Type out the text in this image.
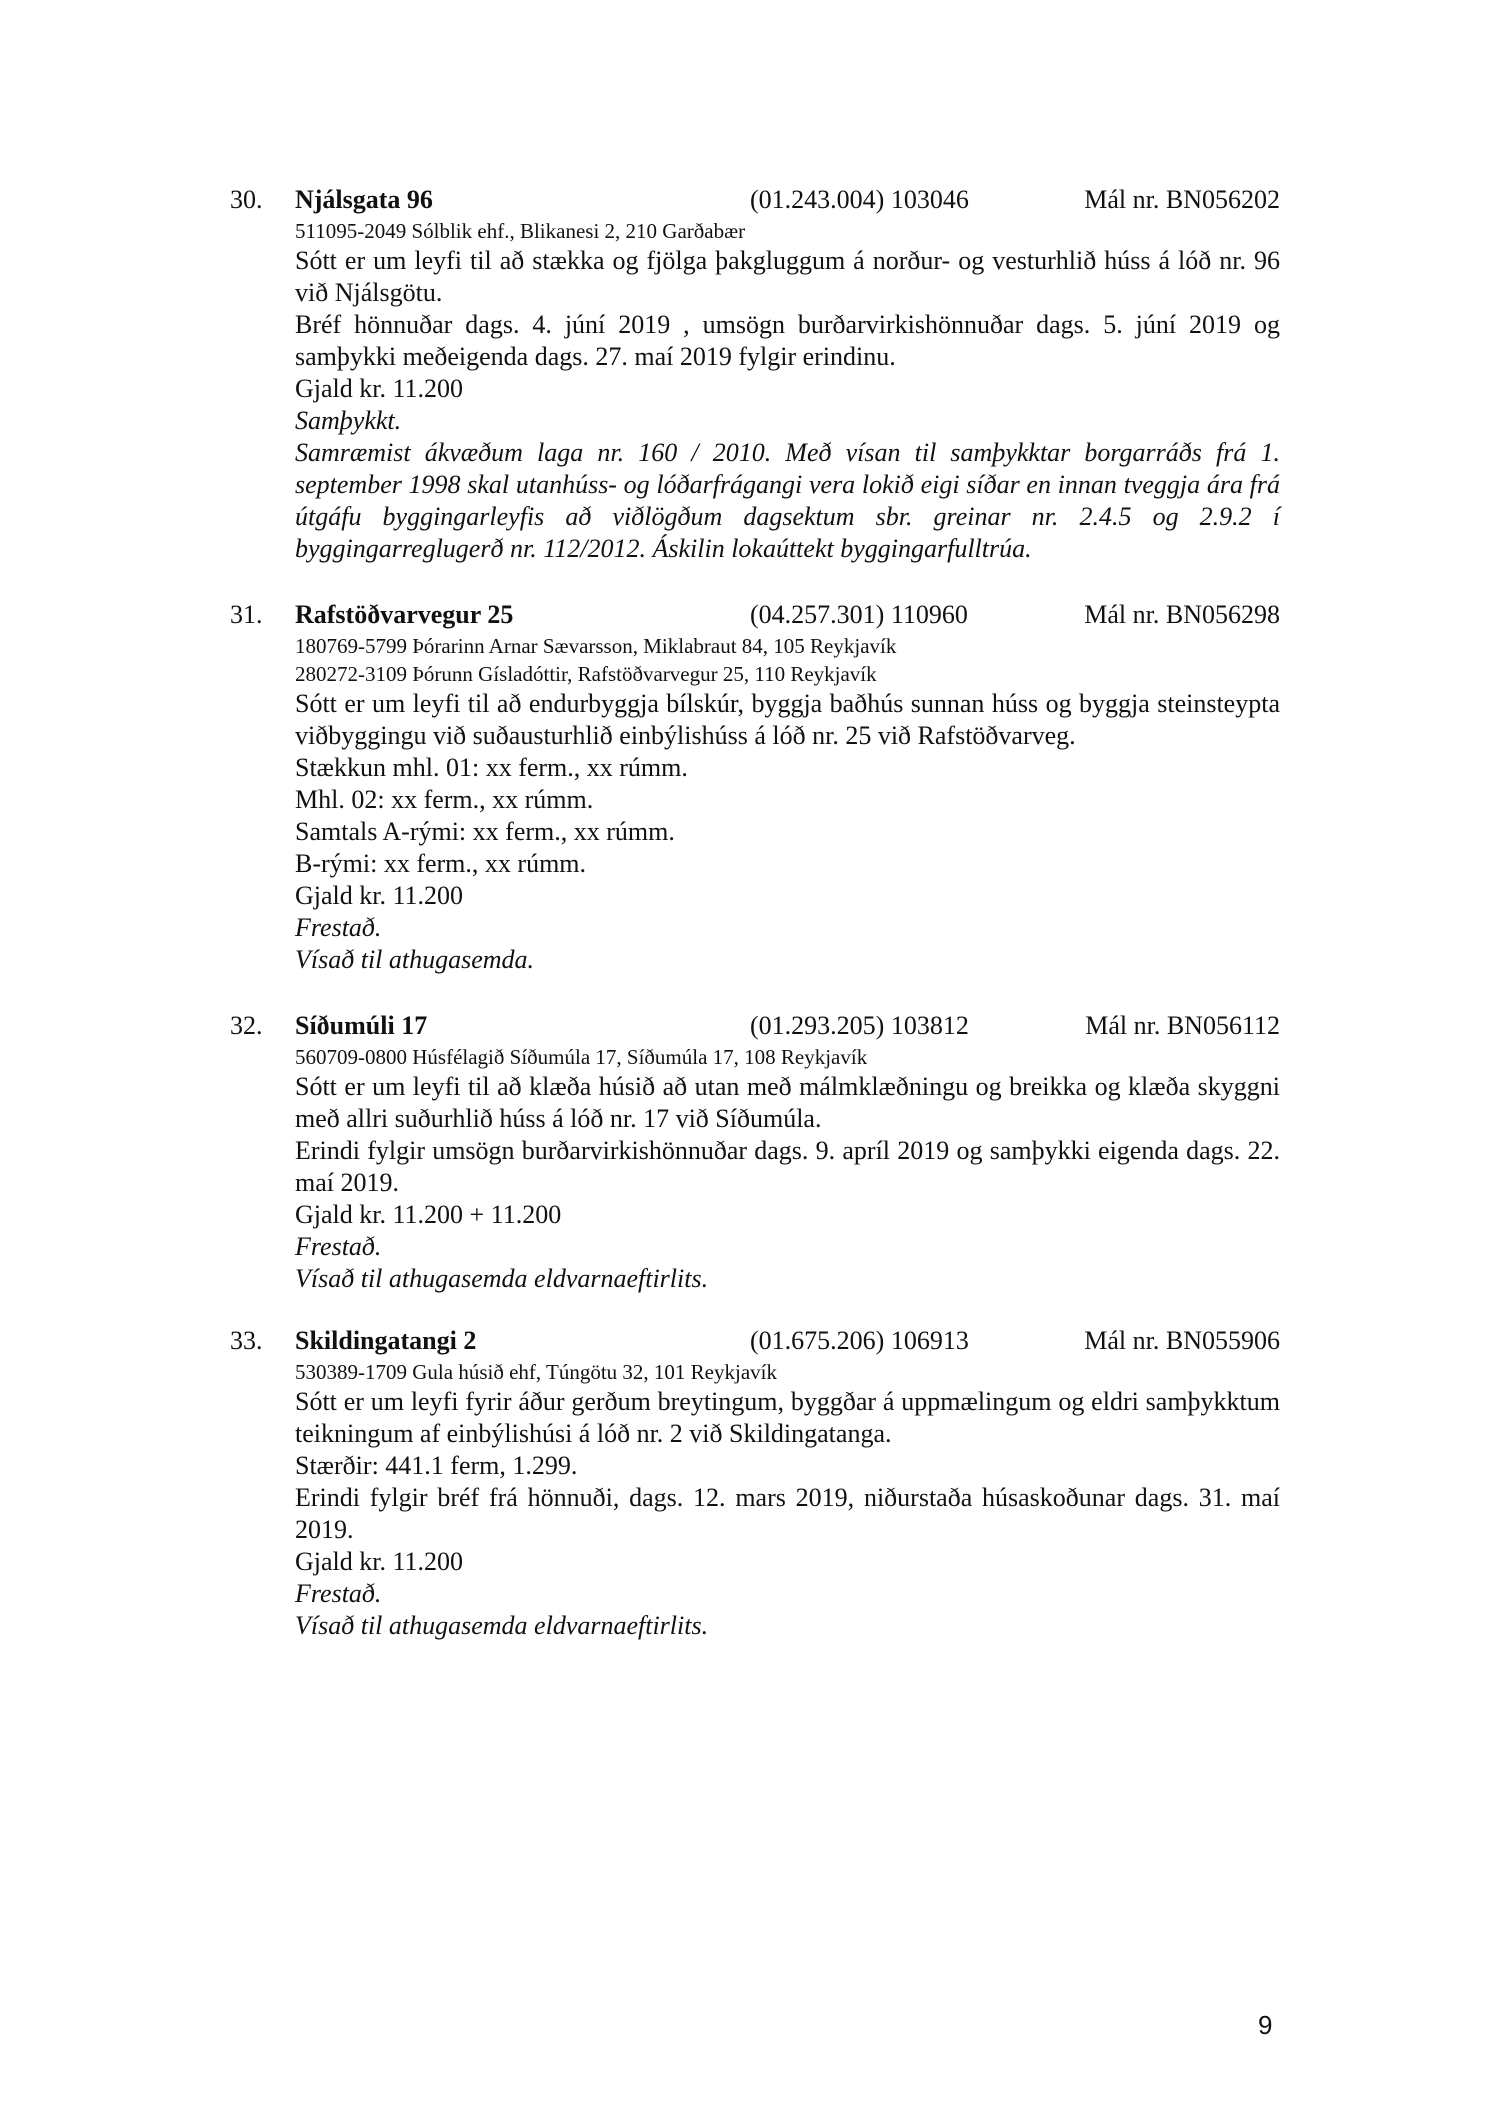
30. Njálsgata 96	(01.243.004) 103046	Mál nr. BN056202
511095-2049 Sólblik ehf., Blikanesi 2, 210 Garðabær
Sótt er um leyfi til að stækka og fjölga þakgluggum á norður- og vesturhlið húss á lóð nr. 96 við Njálsgötu.
Bréf hönnuðar dags. 4. júní 2019 , umsögn burðarvirkishönnuðar dags. 5. júní 2019 og samþykki meðeigenda dags. 27. maí 2019 fylgir erindinu.
Gjald kr. 11.200
Samþykkt.
Samræmist ákvæðum laga nr. 160 / 2010. Með vísan til samþykktar borgarráðs frá 1. september 1998 skal utanhúss- og lóðarfrágangi vera lokið eigi síðar en innan tveggja ára frá útgáfu byggingarleyfis að viðlögðum dagsektum sbr. greinar nr. 2.4.5 og 2.9.2 í byggingarreglugerð nr. 112/2012. Áskilin lokaúttekt byggingarfulltrúa.
31. Rafstöðvarvegur 25	(04.257.301) 110960	Mál nr. BN056298
180769-5799 Þórarinn Arnar Sævarsson, Miklabraut 84, 105 Reykjavík
280272-3109 Þórunn Gísladóttir, Rafstöðvarvegur 25, 110 Reykjavík
Sótt er um leyfi til að endurbyggja bílskúr, byggja baðhús sunnan húss og byggja steinsteypta viðbyggingu við suðausturhlið einbýlishúss á lóð nr. 25 við Rafstöðvarveg.
Stækkun mhl. 01: xx ferm., xx rúmm.
Mhl. 02: xx ferm., xx rúmm.
Samtals A-rými: xx ferm., xx rúmm.
B-rými: xx ferm., xx rúmm.
Gjald kr. 11.200
Frestað.
Vísað til athugasemda.
32. Síðumúli 17	(01.293.205) 103812	Mál nr. BN056112
560709-0800 Húsfélagið Síðumúla 17, Síðumúla 17, 108 Reykjavík
Sótt er um leyfi til að klæða húsið að utan með málmklæðningu og breikka og klæða skyggni með allri suðurhlið húss á lóð nr. 17 við Síðumúla.
Erindi fylgir umsögn burðarvirkishönnuðar dags. 9. apríl 2019 og samþykki eigenda dags. 22. maí 2019.
Gjald kr. 11.200 + 11.200
Frestað.
Vísað til athugasemda eldvarnaeftirlits.
33. Skildingatangi 2	(01.675.206) 106913	Mál nr. BN055906
530389-1709 Gula húsið ehf, Túngötu 32, 101 Reykjavík
Sótt er um leyfi fyrir áður gerðum breytingum, byggðar á uppmælingum og eldri samþykktum teikningum af einbýlishúsi á lóð nr. 2 við Skildingatanga.
Stærðir: 441.1 ferm, 1.299.
Erindi fylgir bréf frá hönnuði, dags. 12. mars 2019, niðurstaða húsaskoðunar dags. 31. maí 2019.
Gjald kr. 11.200
Frestað.
Vísað til athugasemda eldvarnaeftirlits.
9
